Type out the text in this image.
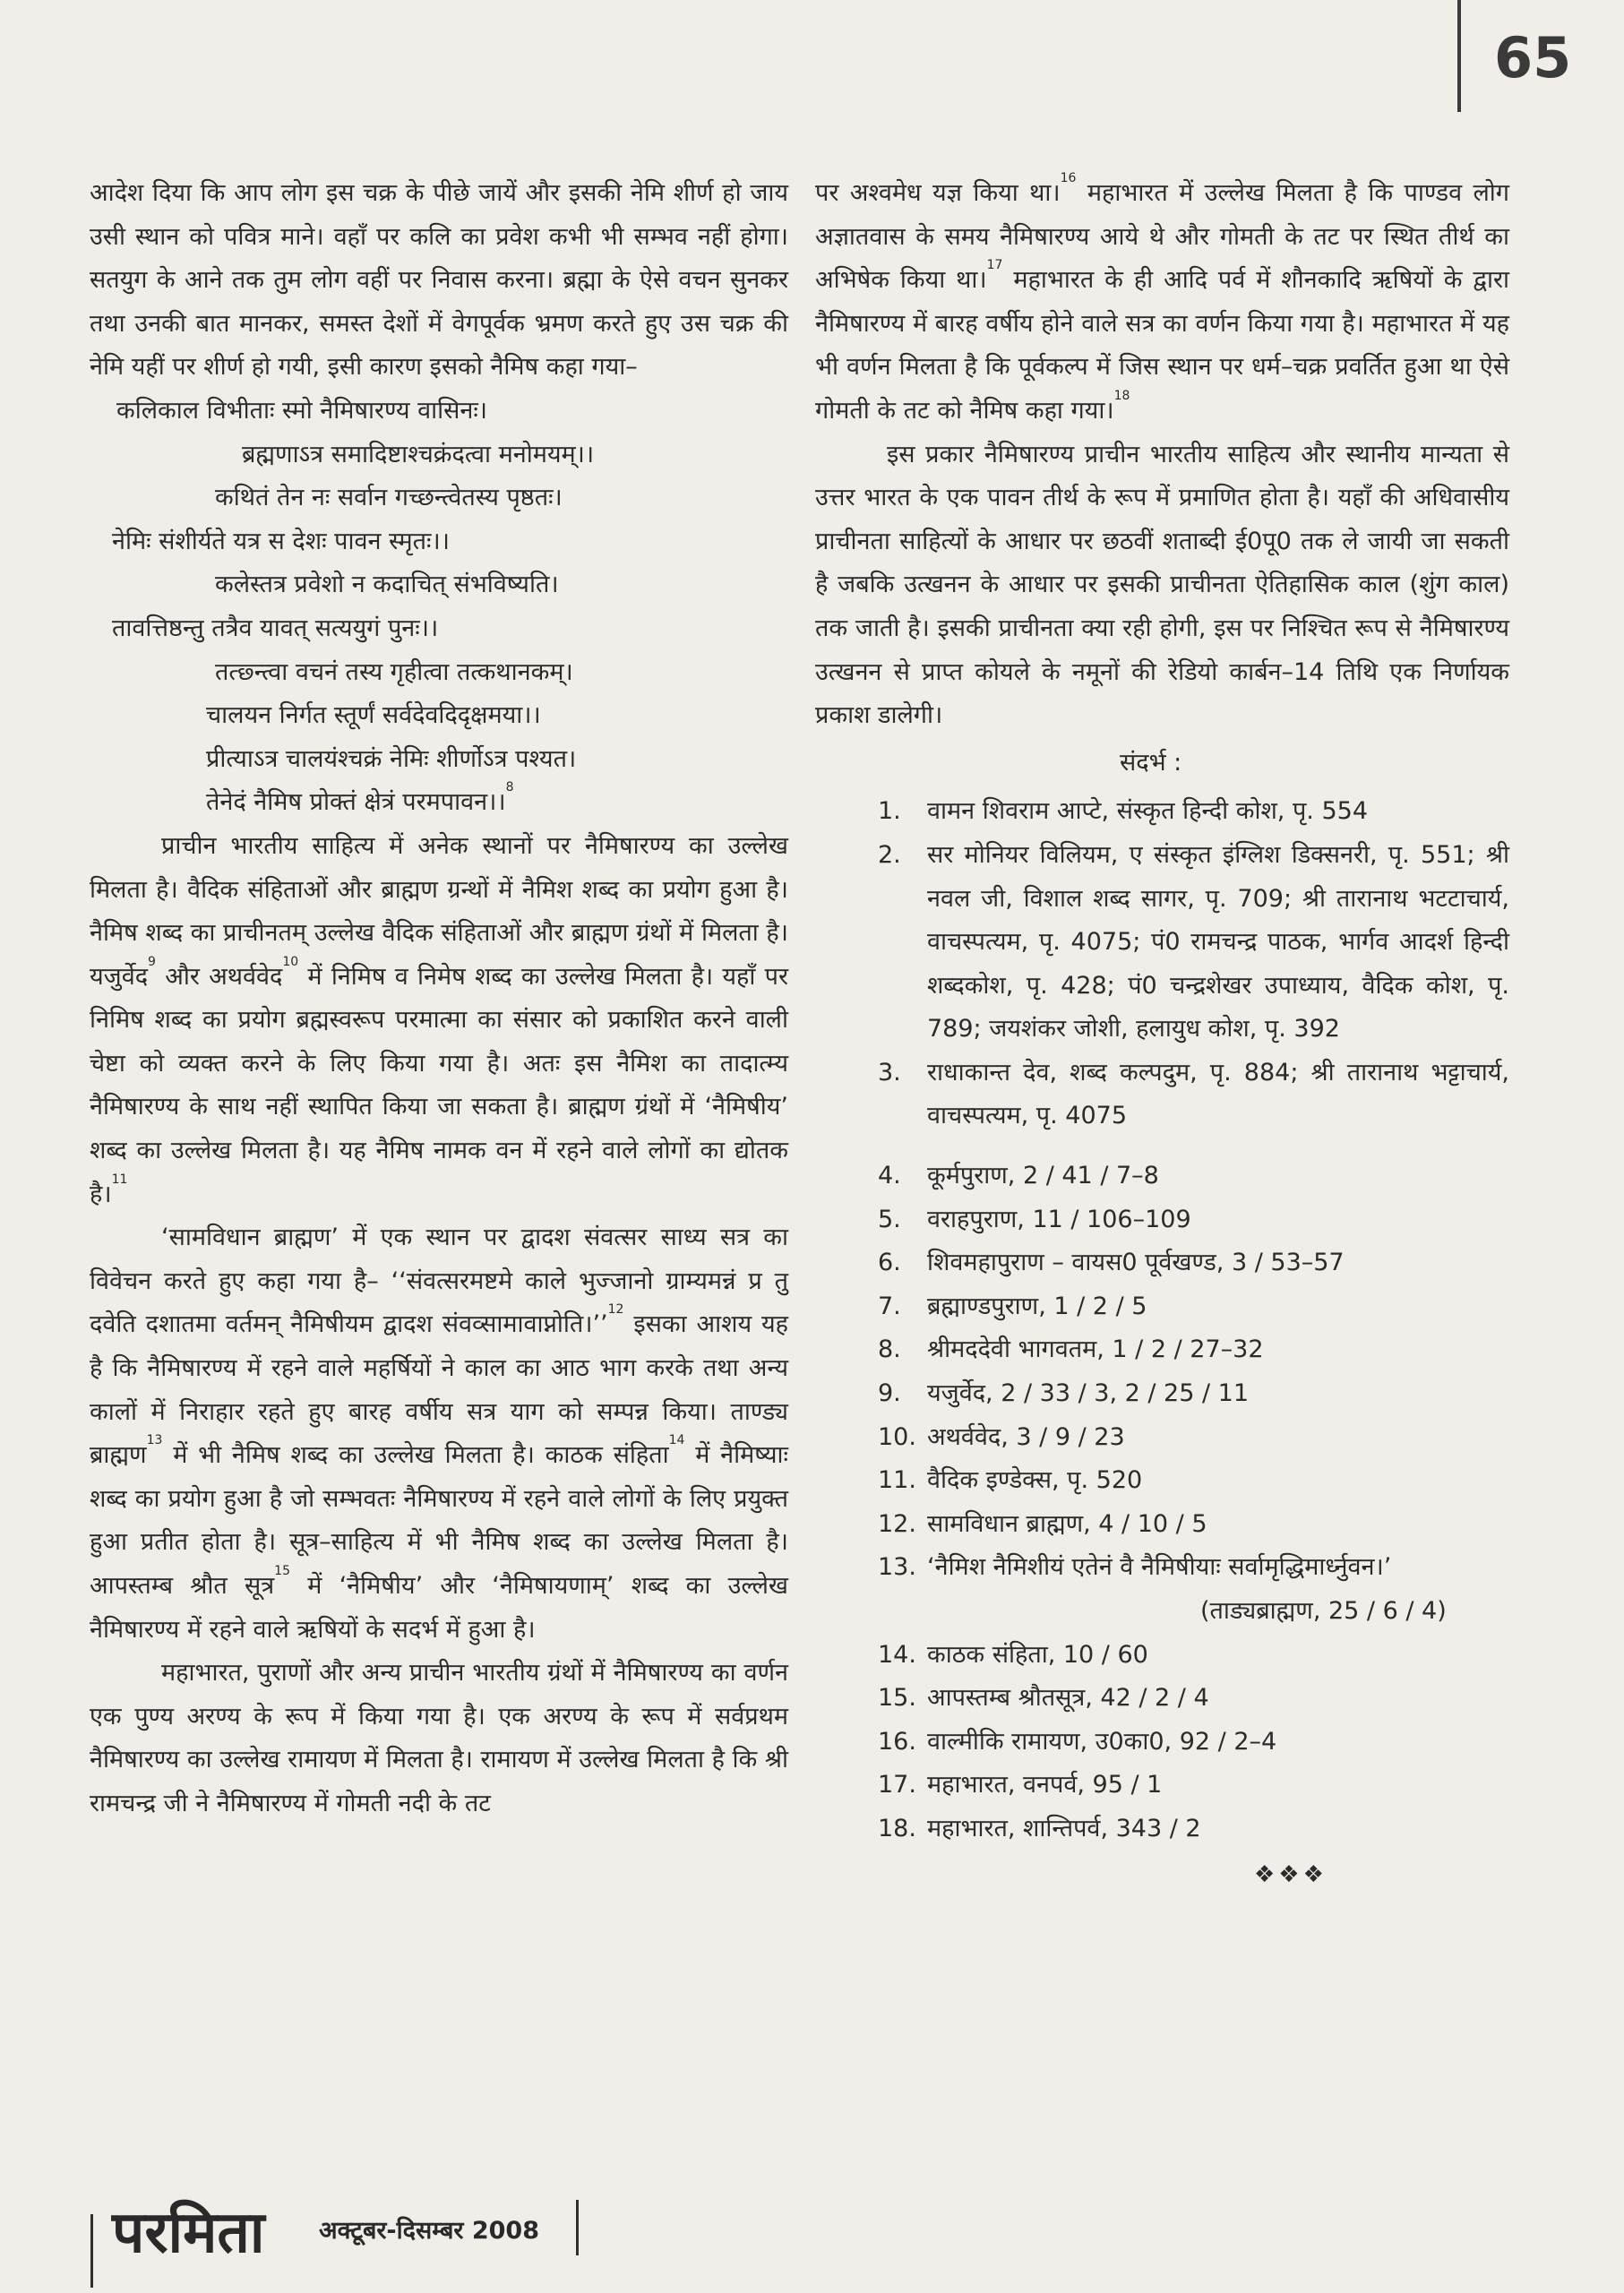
65

आदेश दिया कि आप लोग इस चक्र के पीछे जायें और इसकी नेमि शीर्ण हो जाय उसी स्थान को पवित्र माने। वहाँ पर कलि का प्रवेश कभी भी सम्भव नहीं होगा। सतयुग के आने तक तुम लोग वहीं पर निवास करना। ब्रह्मा के ऐसे वचन सुनकर तथा उनकी बात मानकर, समस्त देशों में वेगपूर्वक भ्रमण करते हुए उस चक्र की नेमि यहीं पर शीर्ण हो गयी, इसी कारण इसको नैमिष कहा गया–

कलिकाल विभीताः स्मो नैमिषारण्य वासिनः।

ब्रह्मणाऽत्र समादिष्टाश्चक्रंदत्वा मनोमयम्।।

कथितं तेन नः सर्वान गच्छन्त्वेतस्य पृष्ठतः।

नेमिः संशीर्यते यत्र स देशः पावन स्मृतः।।

कलेस्तत्र प्रवेशो न कदाचित् संभविष्यति।

तावत्तिष्ठन्तु तत्रैव यावत् सत्ययुगं पुनः।।

तत्छ्न्त्वा वचनं तस्य गृहीत्वा तत्कथानकम्।

चालयन निर्गत स्तूर्णं सर्वदेवदिदृक्षमया।।

प्रीत्याऽत्र चालयंश्चक्रं नेमिः शीर्णोऽत्र पश्यत।

तेनेदं नैमिष प्रोक्तं क्षेत्रं परमपावन।।$^8$

प्राचीन भारतीय साहित्य में अनेक स्थानों पर नैमिषारण्य का उल्लेख मिलता है। वैदिक संहिताओं और ब्राह्मण ग्रन्थों में नैमिश शब्द का प्रयोग हुआ है। नैमिष शब्द का प्राचीनतम् उल्लेख वैदिक संहिताओं और ब्राह्मण ग्रंथों में मिलता है। यजुर्वेद$^9$ और अथर्ववेद$^{10}$ में निमिष व निमेष शब्द का उल्लेख मिलता है। यहाँ पर निमिष शब्द का प्रयोग ब्रह्मस्वरूप परमात्मा का संसार को प्रकाशित करने वाली चेष्टा को व्यक्त करने के लिए किया गया है। अतः इस नैमिश का तादात्म्य नैमिषारण्य के साथ नहीं स्थापित किया जा सकता है। ब्राह्मण ग्रंथों में ‘नैमिषीय’ शब्द का उल्लेख मिलता है। यह नैमिष नामक वन में रहने वाले लोगों का द्योतक है।$^{11}$

‘सामविधान ब्राह्मण’ में एक स्थान पर द्वादश संवत्सर साध्य सत्र का विवेचन करते हुए कहा गया है– ‘‘संवत्सरमष्टमे काले भुज्जानो ग्राम्यमन्नं प्र तु दवेति दशातमा वर्तमन् नैमिषीयम द्वादश संवव्सामावाप्नोति।’’$^{12}$ इसका आशय यह है कि नैमिषारण्य में रहने वाले महर्षियों ने काल का आठ भाग करके तथा अन्य कालों में निराहार रहते हुए बारह वर्षीय सत्र याग को सम्पन्न किया। ताण्ड्य ब्राह्मण$^{13}$ में भी नैमिष शब्द का उल्लेख मिलता है। काठक संहिता$^{14}$ में नैमिष्याः शब्द का प्रयोग हुआ है जो सम्भवतः नैमिषारण्य में रहने वाले लोगों के लिए प्रयुक्त हुआ प्रतीत होता है। सूत्र–साहित्य में भी नैमिष शब्द का उल्लेख मिलता है। आपस्तम्ब श्रौत सूत्र$^{15}$ में ‘नैमिषीय’ और ‘नैमिषायणाम्’ शब्द का उल्लेख नैमिषारण्य में रहने वाले ऋषियों के सदर्भ में हुआ है।

महाभारत, पुराणों और अन्य प्राचीन भारतीय ग्रंथों में नैमिषारण्य का वर्णन एक पुण्य अरण्य के रूप में किया गया है। एक अरण्य के रूप में सर्वप्रथम नैमिषारण्य का उल्लेख रामायण में मिलता है। रामायण में उल्लेख मिलता है कि श्री रामचन्द्र जी ने नैमिषारण्य में गोमती नदी के तट

पर अश्वमेध यज्ञ किया था।$^{16}$ महाभारत में उल्लेख मिलता है कि पाण्डव लोग अज्ञातवास के समय नैमिषारण्य आये थे और गोमती के तट पर स्थित तीर्थ का अभिषेक किया था।$^{17}$ महाभारत के ही आदि पर्व में शौनकादि ऋषियों के द्वारा नैमिषारण्य में बारह वर्षीय होने वाले सत्र का वर्णन किया गया है। महाभारत में यह भी वर्णन मिलता है कि पूर्वकल्प में जिस स्थान पर धर्म–चक्र प्रवर्तित हुआ था ऐसे गोमती के तट को नैमिष कहा गया।$^{18}$

इस प्रकार नैमिषारण्य प्राचीन भारतीय साहित्य और स्थानीय मान्यता से उत्तर भारत के एक पावन तीर्थ के रूप में प्रमाणित होता है। यहाँ की अधिवासीय प्राचीनता साहित्यों के आधार पर छठवीं शताब्दी ई0पू0 तक ले जायी जा सकती है जबकि उत्खनन के आधार पर इसकी प्राचीनता ऐतिहासिक काल (शुंग काल) तक जाती है। इसकी प्राचीनता क्या रही होगी, इस पर निश्चित रूप से नैमिषारण्य उत्खनन से प्राप्त कोयले के नमूनों की रेडियो कार्बन–14 तिथि एक निर्णायक प्रकाश डालेगी।

संदर्भ :

1.	वामन शिवराम आप्टे, संस्कृत हिन्दी कोश, पृ. 554
2.	सर मोनियर विलियम, ए संस्कृत इंग्लिश डिक्सनरी, पृ. 551; श्री नवल जी, विशाल शब्द सागर, पृ. 709; श्री तारानाथ भटटाचार्य, वाचस्पत्यम, पृ. 4075; पं0 रामचन्द्र पाठक, भार्गव आदर्श हिन्दी शब्दकोश, पृ. 428; पं0 चन्द्रशेखर उपाध्याय, वैदिक कोश, पृ. 789; जयशंकर जोशी, हलायुध कोश, पृ. 392
3.	राधाकान्त देव, शब्द कल्पदुम, पृ. 884; श्री तारानाथ भट्टाचार्य, वाचस्पत्यम, पृ. 4075
4.	कूर्मपुराण, 2 / 41 / 7–8
5.	वराहपुराण, 11 / 106–109
6.	शिवमहापुराण – वायस0 पूर्वखण्ड, 3 / 53–57
7.	ब्रह्माण्डपुराण, 1 / 2 / 5
8.	श्रीमददेवी भागवतम, 1 / 2 / 27–32
9.	यजुर्वेद, 2 / 33 / 3, 2 / 25 / 11
10. अथर्ववेद, 3 / 9 / 23
11. वैदिक इण्डेक्स, पृ. 520
12. सामविधान ब्राह्मण, 4 / 10 / 5
13. ‘नैमिश नैमिशीयं एतेनं वै नैमिषीयाः सर्वामृद्धिमार्ध्नुवन।’
(ताड्यब्राह्मण, 25 / 6 / 4)
14. काठक संहिता, 10 / 60
15. आपस्तम्ब श्रौतसूत्र, 42 / 2 / 4
16. वाल्मीकि रामायण, उ0का0, 92 / 2–4
17. महाभारत, वनपर्व, 95 / 1
18. महाभारत, शान्तिपर्व, 343 / 2
❖❖❖
परमिता अक्टूबर-दिसम्बर 2008
